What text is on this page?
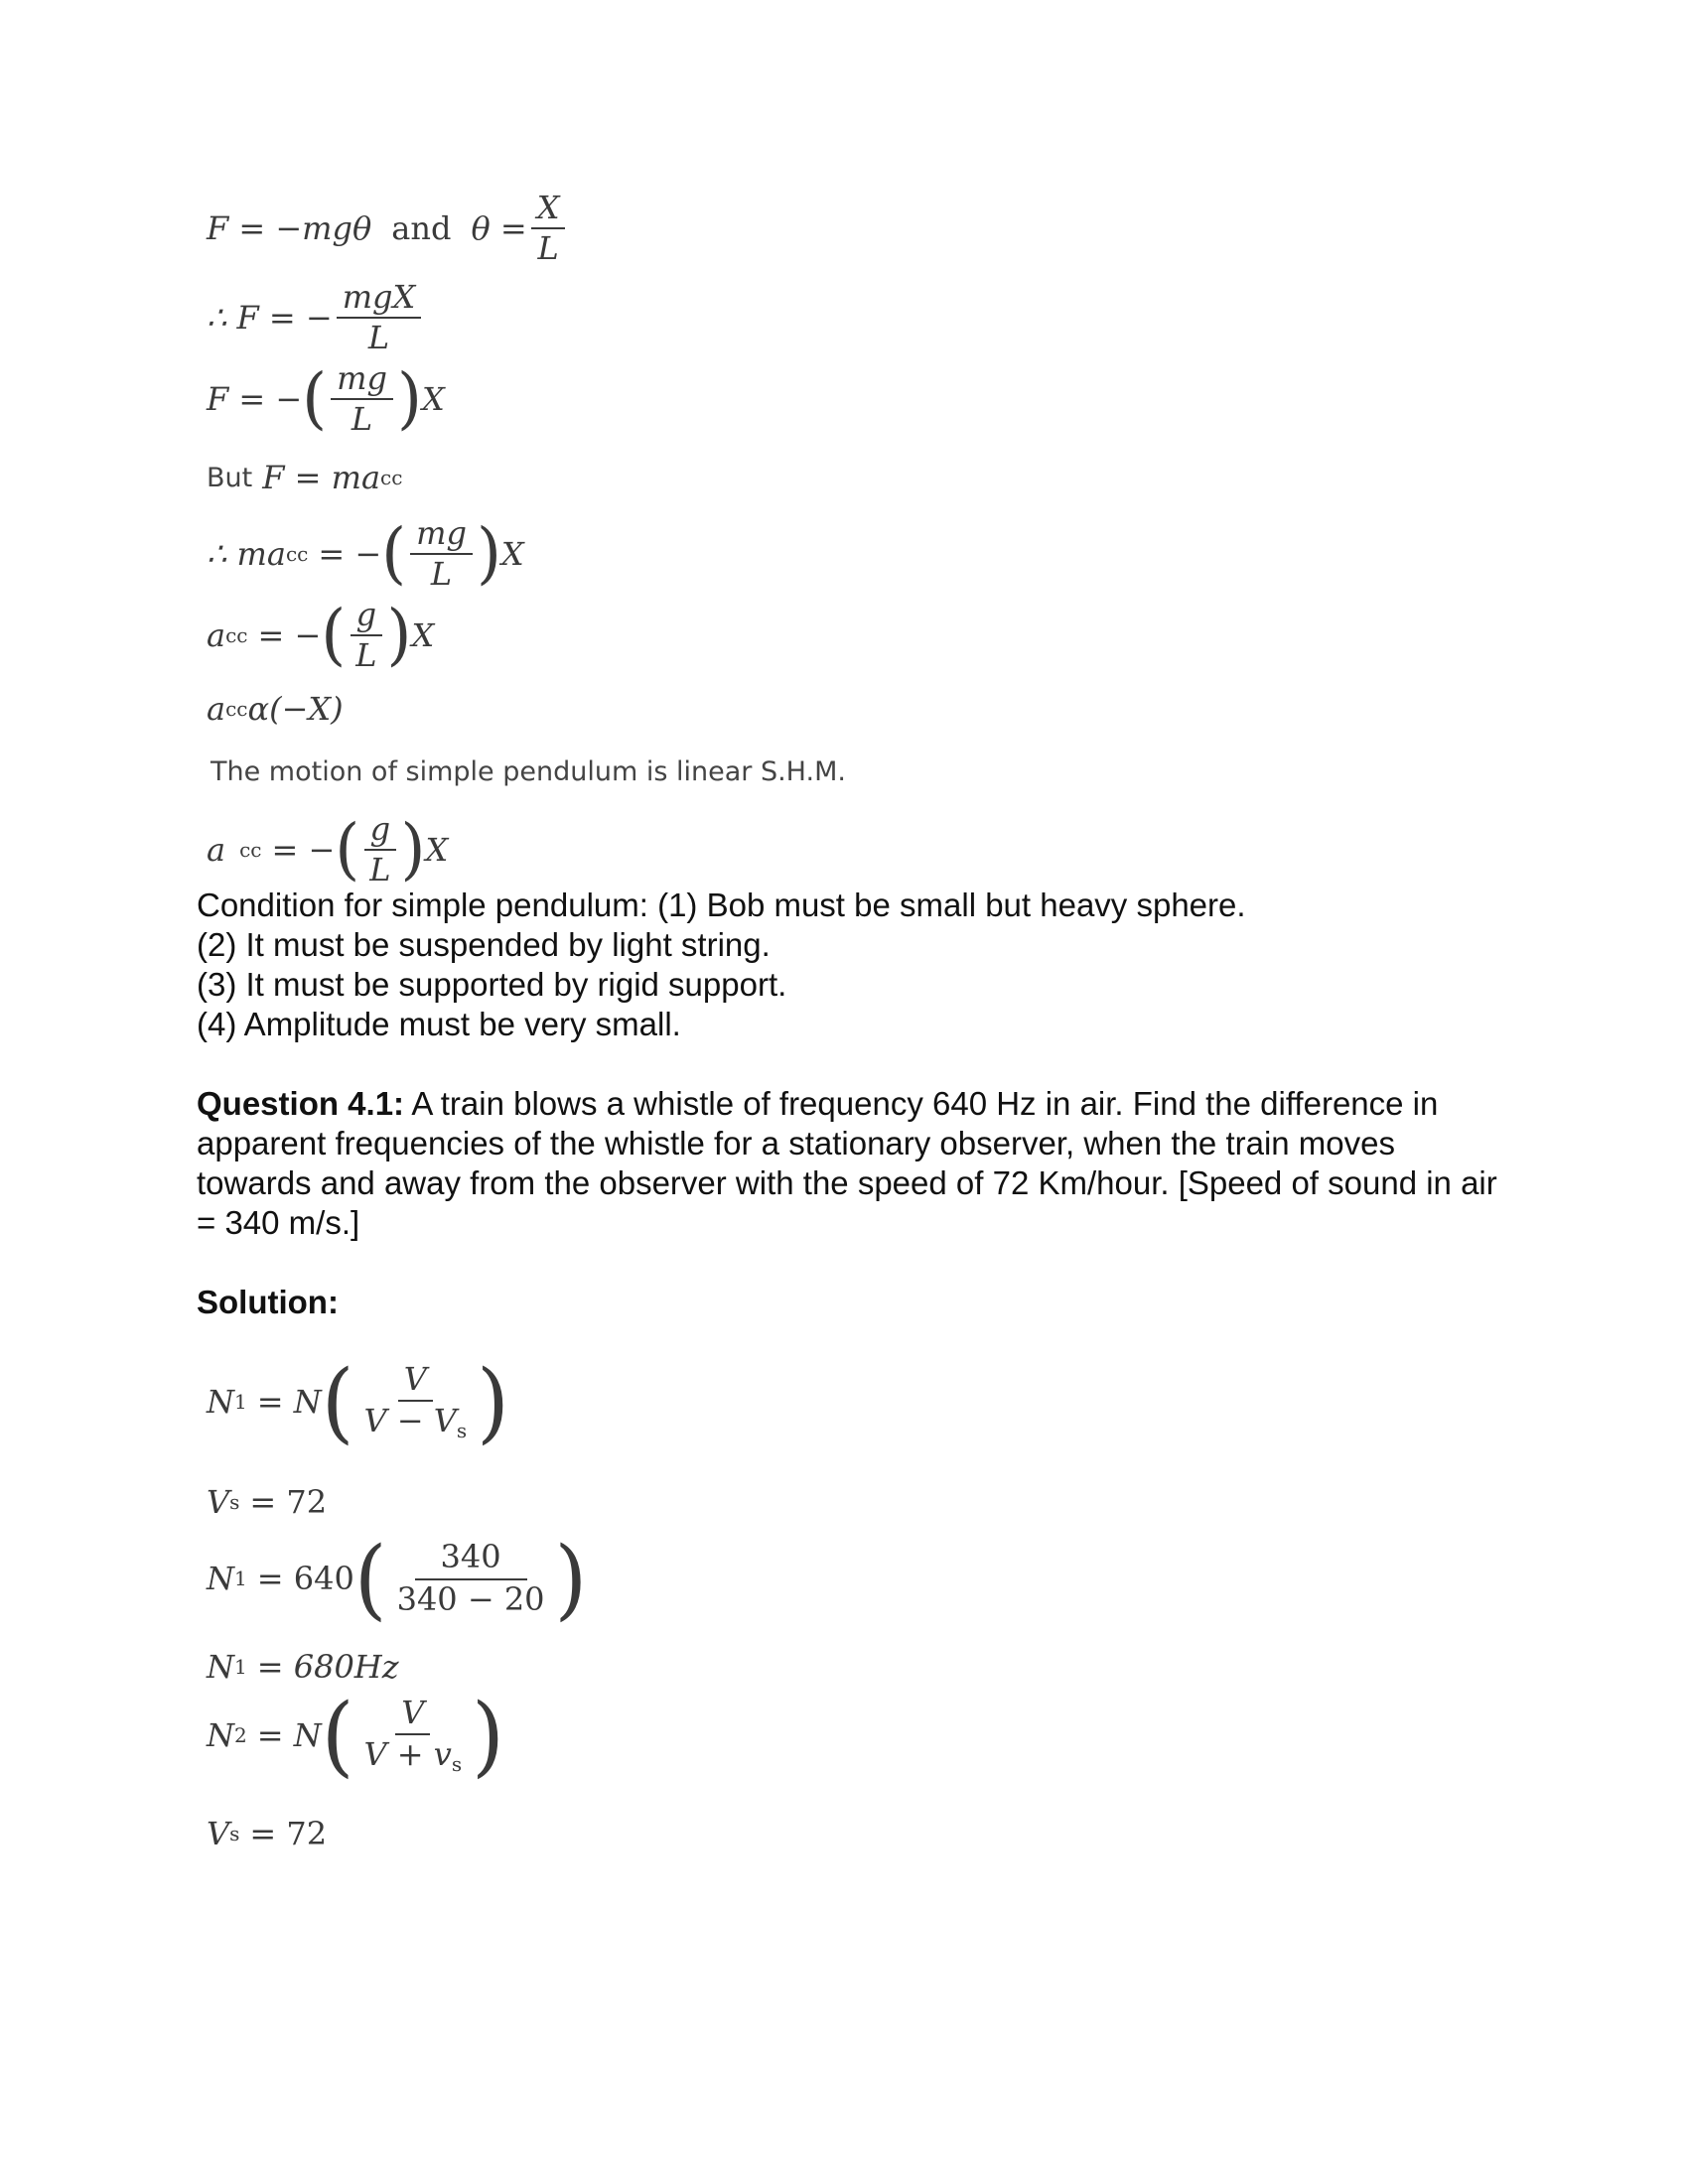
F = −mgθ and $\theta = \frac{X}{L}$
∴ F = − $\frac{\text{mgX}}{L}$
F = − ( $\frac{mg}{L}$ ) X
But F = ma cc
∴ ma cc = − ( $\frac{mg}{L}$ ) X
a cc = − ( $\frac{g}{L}$ ) X
a cc α(−X)
The motion of simple pendulum is linear S.H.M.
a cc = − ( $\frac{g}{L}$ ) X
Condition for simple pendulum: (1) Bob must be small but heavy sphere.
(2) It must be suspended by light string.
(3) It must be supported by rigid support.
(4) Amplitude must be very small.
Question 4.1: A train blows a whistle of frequency 640 Hz in air. Find the difference in apparent frequencies of the whistle for a stationary observer, when the train moves towards and away from the observer with the speed of 72 Km/hour. [Speed of sound in air = 340 m/s.]
Solution:
N 1 = N ( $\frac{V}{V - V_s}$ )
V s = 72
N 1 = 640 ( $\frac{340}{340 - 20}$ )
N 1 = 680Hz
N 2 = N ( $\frac{V}{V + v_s}$ )
V s = 72
